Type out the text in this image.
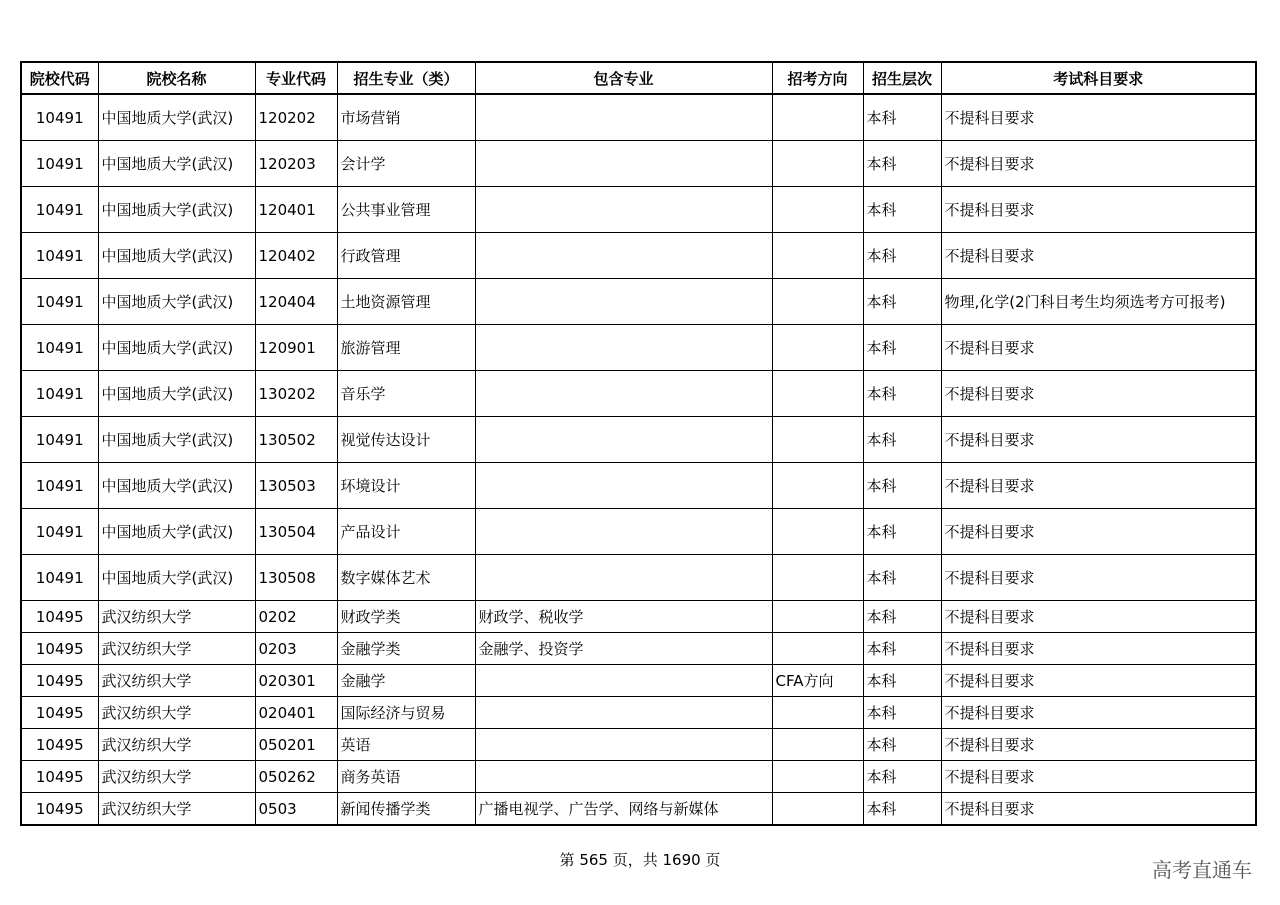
院校代码	院校名称	专业代码	招生专业（类）	包含专业	招考方向	招生层次	考试科目要求
10491	中国地质大学(武汉)	120202	市场营销			本科	不提科目要求
10491	中国地质大学(武汉)	120203	会计学			本科	不提科目要求
10491	中国地质大学(武汉)	120401	公共事业管理			本科	不提科目要求
10491	中国地质大学(武汉)	120402	行政管理			本科	不提科目要求
10491	中国地质大学(武汉)	120404	土地资源管理			本科	物理,化学(2门科目考生均须选考方可报考)
10491	中国地质大学(武汉)	120901	旅游管理			本科	不提科目要求
10491	中国地质大学(武汉)	130202	音乐学			本科	不提科目要求
10491	中国地质大学(武汉)	130502	视觉传达设计			本科	不提科目要求
10491	中国地质大学(武汉)	130503	环境设计			本科	不提科目要求
10491	中国地质大学(武汉)	130504	产品设计			本科	不提科目要求
10491	中国地质大学(武汉)	130508	数字媒体艺术			本科	不提科目要求
10495	武汉纺织大学	0202	财政学类	财政学、税收学		本科	不提科目要求
10495	武汉纺织大学	0203	金融学类	金融学、投资学		本科	不提科目要求
10495	武汉纺织大学	020301	金融学		CFA方向	本科	不提科目要求
10495	武汉纺织大学	020401	国际经济与贸易			本科	不提科目要求
10495	武汉纺织大学	050201	英语			本科	不提科目要求
10495	武汉纺织大学	050262	商务英语			本科	不提科目要求
10495	武汉纺织大学	0503	新闻传播学类	广播电视学、广告学、网络与新媒体		本科	不提科目要求
第 565 页，共 1690 页	高考直通车
